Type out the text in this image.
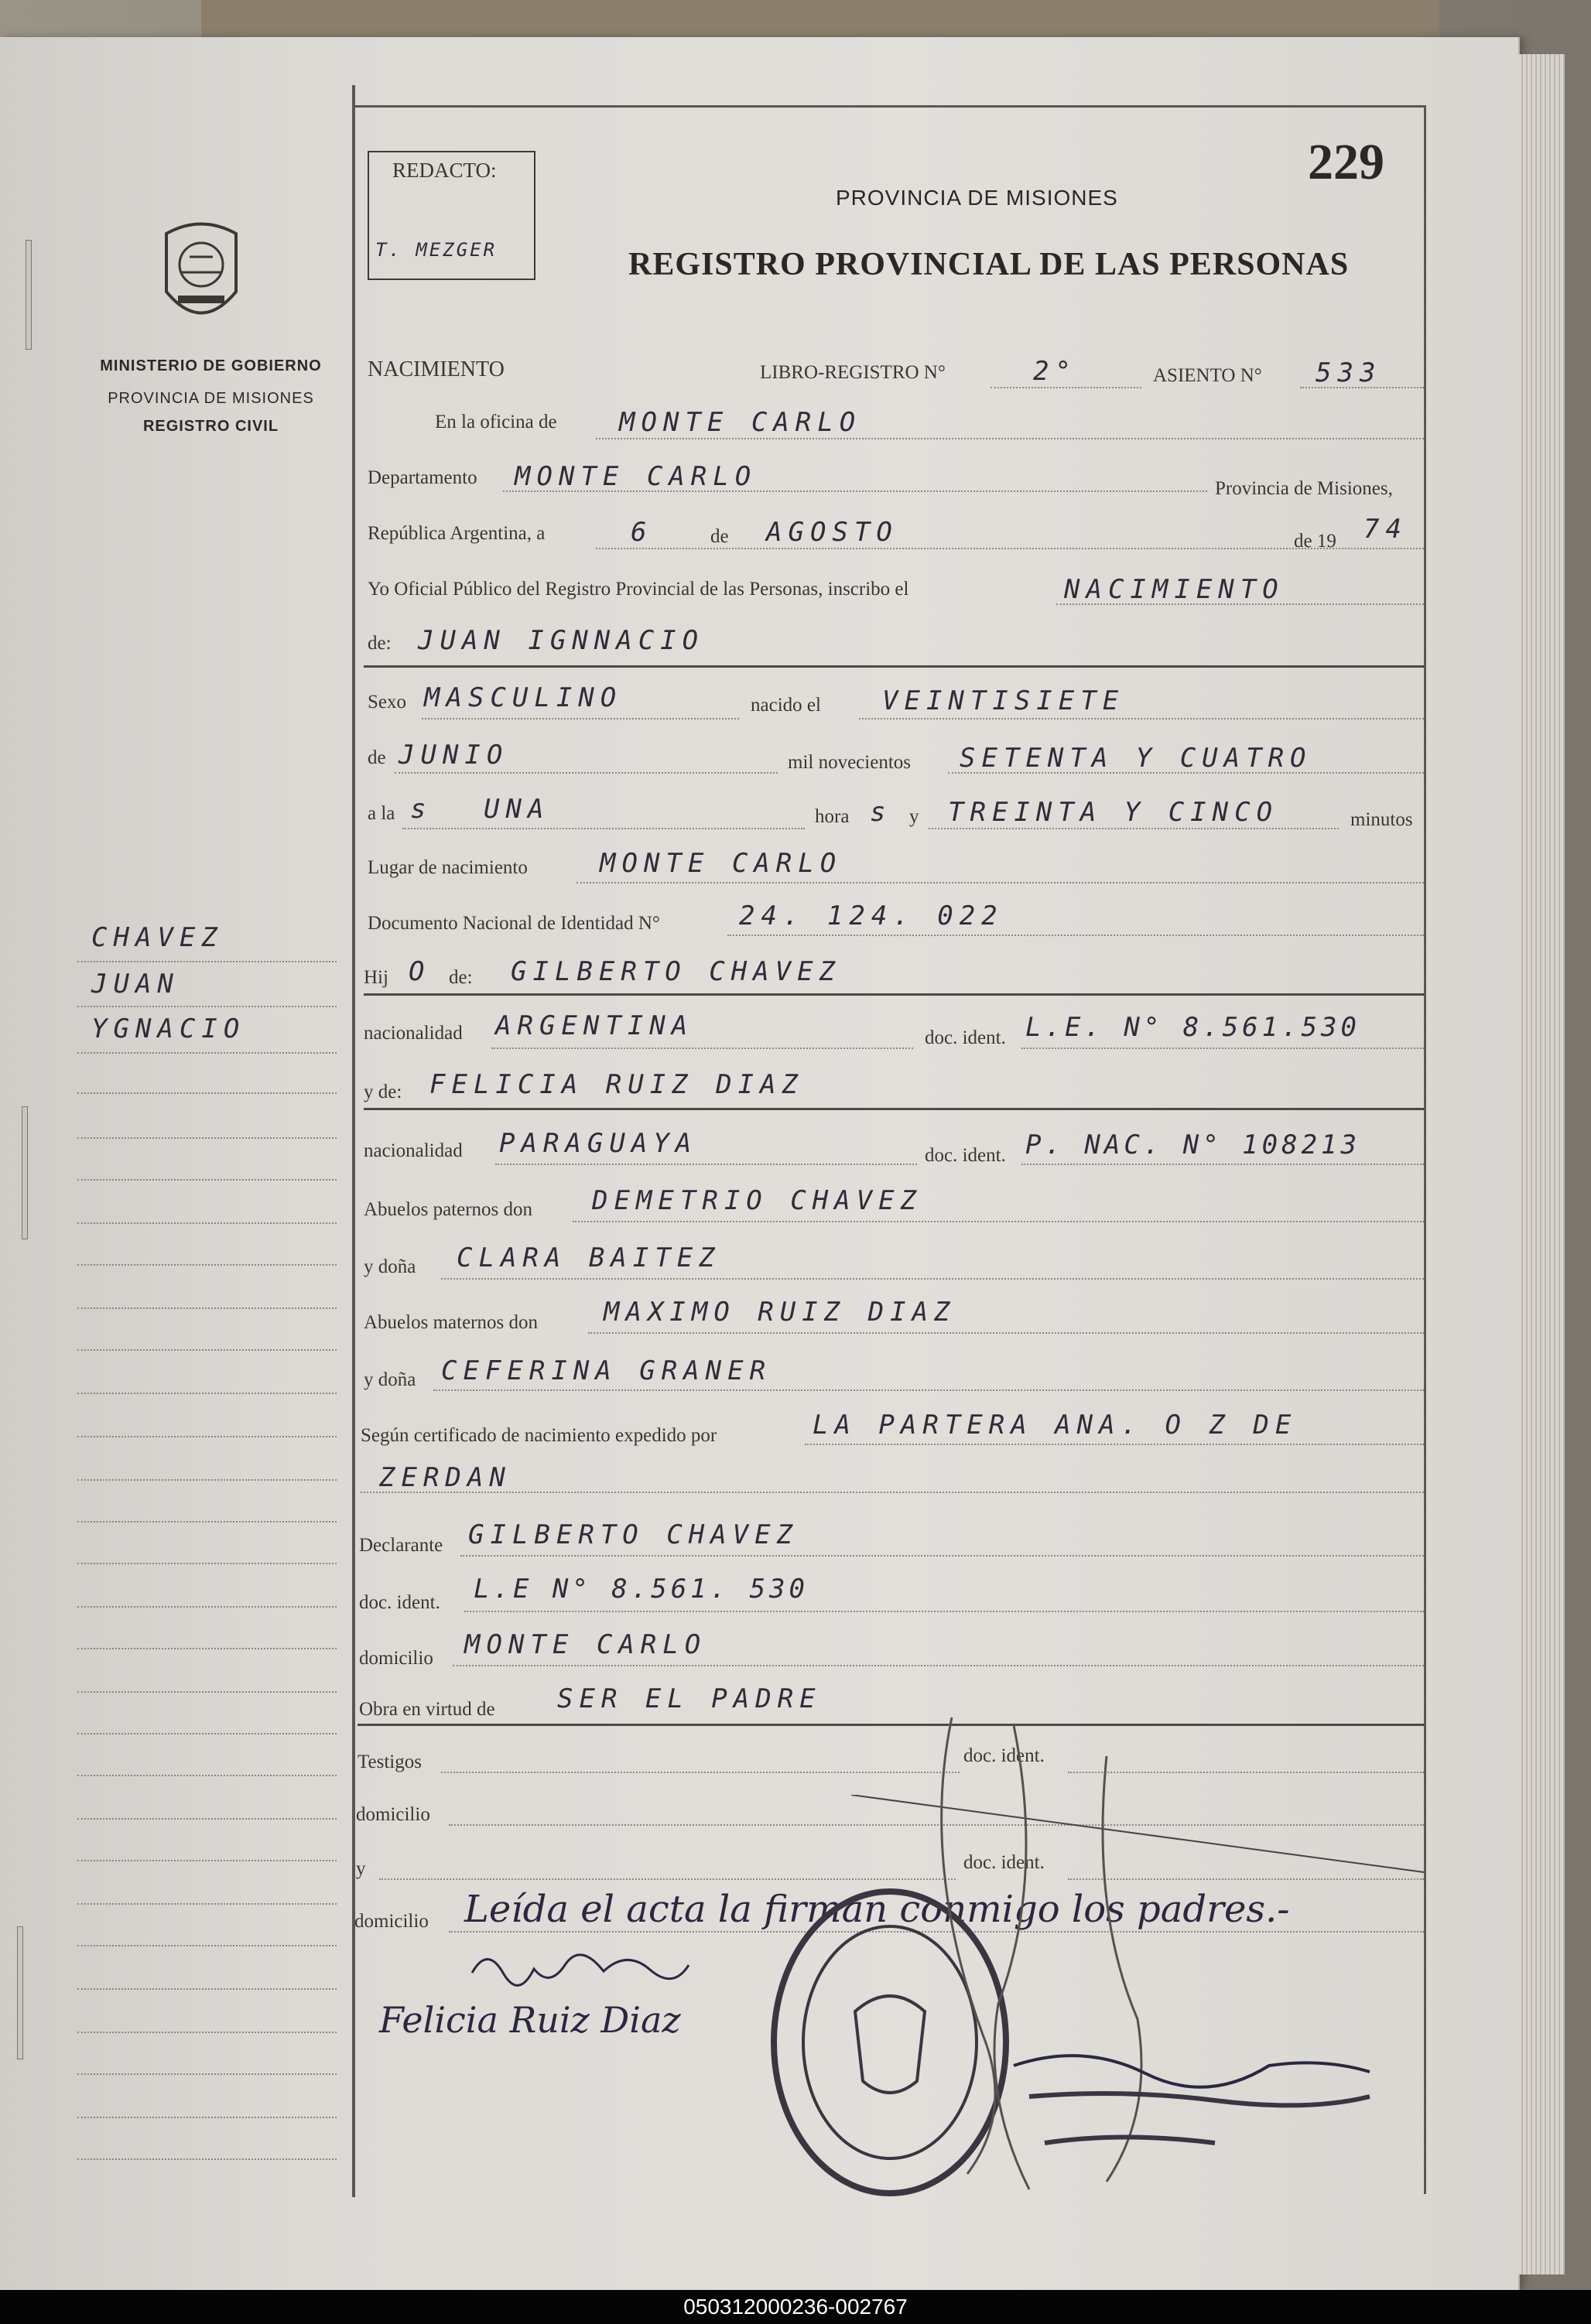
MINISTERIO DE GOBIERNO
PROVINCIA DE MISIONES
REGISTRO CIVIL
CHAVEZ
JUAN
YGNACIO
REDACTO:
T. MEZGER
229
PROVINCIA DE MISIONES
REGISTRO PROVINCIAL DE LAS PERSONAS
NACIMIENTO	LIBRO-REGISTRO N°	2°	ASIENTO N° 533
En la oficina de MONTE CARLO
Departamento MONTE CARLO	Provincia de Misiones,
República Argentina, a	6	de AGOSTO	de 19 74
Yo Oficial Público del Registro Provincial de las Personas, inscribo el	NACIMIENTO
de: JUAN IGNNACIO
Sexo MASCULINO	nacido el VEINTISIETE
de JUNIO	mil novecientos SETENTA Y CUATRO
a la s UNA	hora s y TREINTA Y CINCO	minutos
Lugar de nacimiento	MONTE CARLO
Documento Nacional de Identidad N°	24. 124. 022
Hij O de: GILBERTO CHAVEZ
nacionalidad ARGENTINA	doc. ident. L.E. N° 8.561.530
y de: FELICIA RUIZ DIAZ
nacionalidad PARAGUAYA	doc. ident. P. NAC. N° 108213
Abuelos paternos don DEMETRIO CHAVEZ
y doña CLARA BAITEZ
Abuelos maternos don	MAXIMO RUIZ DIAZ
y doña CEFERINA GRANER
Según certificado de nacimiento expedido por	LA PARTERA ANA. O Z DE
ZERDAN
Declarante GILBERTO CHAVEZ
doc. ident. L.E N° 8.561. 530
domicilio MONTE CARLO
Obra en virtud de SER EL PADRE
Testigos	doc. ident.
domicilio
y	doc. ident.
domicilio Leída el acta la firman conmigo los padres.-
Felicia Ruiz Diaz
050312000236-002767
